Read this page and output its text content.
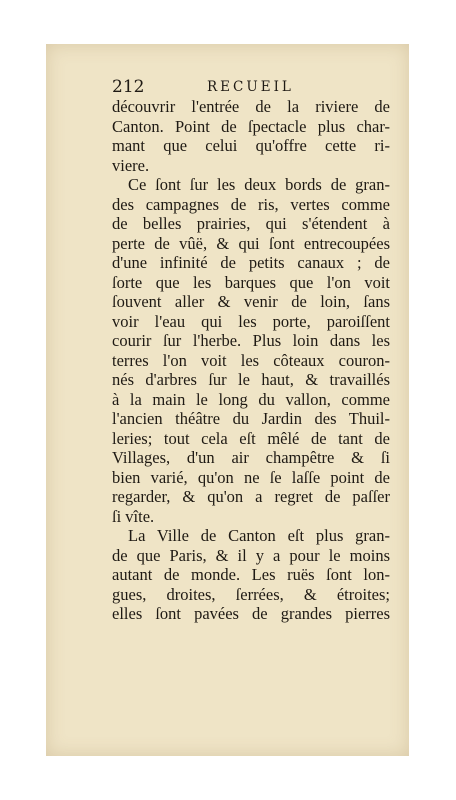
212	RECUEIL
découvrir l'entrée de la riviere de
Canton. Point de ſpectacle plus char-
mant que celui qu'offre cette ri-
viere.
Ce ſont ſur les deux bords de gran-
des campagnes de ris, vertes comme
de belles prairies, qui s'étendent à
perte de vûë, & qui ſont entrecoupées
d'une infinité de petits canaux ; de
ſorte que les barques que l'on voit
ſouvent aller & venir de loin, ſans
voir l'eau qui les porte, paroiſſent
courir ſur l'herbe. Plus loin dans les
terres l'on voit les côteaux couron-
nés d'arbres ſur le haut, & travaillés
à la main le long du vallon, comme
l'ancien théâtre du Jardin des Thuil-
leries; tout cela eſt mêlé de tant de
Villages, d'un air champêtre & ſi
bien varié, qu'on ne ſe laſſe point de
regarder, & qu'on a regret de paſſer
ſi vîte.
La Ville de Canton eſt plus gran-
de que Paris, & il y a pour le moins
autant de monde. Les ruës ſont lon-
gues, droites, ſerrées, & étroites;
elles ſont pavées de grandes pierres
